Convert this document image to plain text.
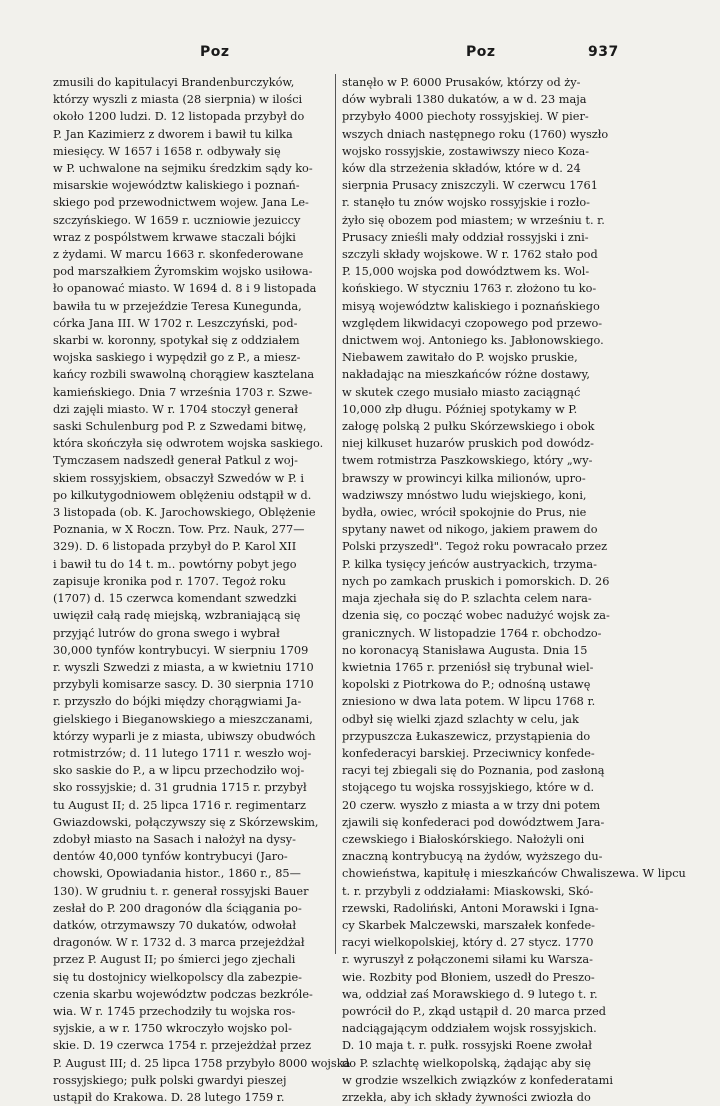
Poz	Poz	937
zmusili do kapitulacyi Brandenburczyków,
którzy wyszli z miasta (28 sierpnia) w ilości
około 1200 ludzi. D. 12 listopada przybył do
P. Jan Kazimierz z dworem i bawił tu kilka
miesięcy. W 1657 i 1658 r. odbywały się
w P. uchwalone na sejmiku średzkim sądy ko-
misarskie województw kaliskiego i poznań-
skiego pod przewodnictwem wojew. Jana Le-
szczyńskiego. W 1659 r. uczniowie jezuiccy
wraz z pospólstwem krwawe staczali bójki
z żydami. W marcu 1663 r. skonfederowane
pod marszałkiem Żyromskim wojsko usiłowa-
ło opanować miasto. W 1694 d. 8 i 9 listopada
bawiła tu w przejeździe Teresa Kunegunda,
córka Jana III. W 1702 r. Leszczyński, pod-
skarbi w. koronny, spotykał się z oddziałem
wojska saskiego i wypędził go z P., a miesz-
kańcy rozbili swawolną chorągiew kasztelana
kamieńskiego. Dnia 7 września 1703 r. Szwe-
dzi zajęli miasto. W r. 1704 stoczył generał
saski Schulenburg pod P. z Szwedami bitwę,
która skończyła się odwrotem wojska saskiego.
Tymczasem nadszedł generał Patkul z woj-
skiem rossyjskiem, obsaczył Szwedów w P. i
po kilkutygodniowem oblężeniu odstąpił w d.
3 listopada (ob. K. Jarochowskiego, Oblężenie
Poznania, w X Roczn. Tow. Prz. Nauk, 277—
329). D. 6 listopada przybył do P. Karol XII
i bawił tu do 14 t. m.. powtórny pobyt jego
zapisuje kronika pod r. 1707. Tegoż roku
(1707) d. 15 czerwca komendant szwedzki
uwięził całą radę miejską, wzbraniającą się
przyjąć lutrów do grona swego i wybrał
30,000 tynfów kontrybucyi. W sierpniu 1709
r. wyszli Szwedzi z miasta, a w kwietniu 1710
przybyli komisarze sascy. D. 30 sierpnia 1710
r. przyszło do bójki między chorągwiami Ja-
gielskiego i Bieganowskiego a mieszczanami,
którzy wyparli je z miasta, ubiwszy obudwóch
rotmistrzów; d. 11 lutego 1711 r. weszło woj-
sko saskie do P., a w lipcu przechodziło woj-
sko rossyjskie; d. 31 grudnia 1715 r. przybył
tu August II; d. 25 lipca 1716 r. regimentarz
Gwiazdowski, połączywszy się z Skórzewskim,
zdobył miasto na Sasach i nałożył na dysy-
dentów 40,000 tynfów kontrybucyi (Jaro-
chowski, Opowiadania histor., 1860 r., 85—
130). W grudniu t. r. generał rossyjski Bauer
zesłał do P. 200 dragonów dla ściągania po-
datków, otrzymawszy 70 dukatów, odwołał
dragonów. W r. 1732 d. 3 marca przejeżdżał
przez P. August II; po śmierci jego zjechali
się tu dostojnicy wielkopolscy dla zabezpie-
czenia skarbu województw podczas bezkróle-
wia. W r. 1745 przechodziły tu wojska ros-
syjskie, a w r. 1750 wkroczyło wojsko pol-
skie. D. 19 czerwca 1754 r. przejeżdżał przez
P. August III; d. 25 lipca 1758 przybyło 8000 wojska
rossyjskiego; pułk polski gwardyi pieszej
ustąpił do Krakowa. D. 28 lutego 1759 r.
stanęło w P. 6000 Prusaków, którzy od ży-
dów wybrali 1380 dukatów, a w d. 23 maja
przybyło 4000 piechoty rossyjskiej. W pier-
wszych dniach następnego roku (1760) wyszło
wojsko rossyjskie, zostawiwszy nieco Koza-
ków dla strzeżenia składów, które w d. 24
sierpnia Prusacy zniszczyli. W czerwcu 1761
r. stanęło tu znów wojsko rossyjskie i rozło-
żyło się obozem pod miastem; w wrześniu t. r.
Prusacy znieśli mały oddział rossyjski i zni-
szczyli składy wojskowe. W r. 1762 stało pod
P. 15,000 wojska pod dowództwem ks. Wol-
końskiego. W styczniu 1763 r. złożono tu ko-
misyą województw kaliskiego i poznańskiego
względem likwidacyi czopowego pod przewo-
dnictwem woj. Antoniego ks. Jabłonowskiego.
Niebawem zawitało do P. wojsko pruskie,
nakładając na mieszkańców różne dostawy,
w skutek czego musiało miasto zaciągnąć
10,000 złp długu. Później spotykamy w P.
załogę polską 2 pułku Skórzewskiego i obok
niej kilkuset huzarów pruskich pod dowódz-
twem rotmistrza Paszkowskiego, który „wy-
brawszy w prowincyi kilka milionów, upro-
wadziwszy mnóstwo ludu wiejskiego, koni,
bydła, owiec, wrócił spokojnie do Prus, nie
spytany nawet od nikogo, jakiem prawem do
Polski przyszedł". Tegoż roku powracało przez
P. kilka tysięcy jeńców austryackich, trzyma-
nych po zamkach pruskich i pomorskich. D. 26
maja zjechała się do P. szlachta celem nara-
dzenia się, co począć wobec nadużyć wojsk za-
granicznych. W listopadzie 1764 r. obchodzo-
no koronacyą Stanisława Augusta. Dnia 15
kwietnia 1765 r. przeniósł się trybunał wiel-
kopolski z Piotrkowa do P.; odnośną ustawę
zniesiono w dwa lata potem. W lipcu 1768 r.
odbył się wielki zjazd szlachty w celu, jak
przypuszcza Łukaszewicz, przystąpienia do
konfederacyi barskiej. Przeciwnicy konfede-
racyi tej zbiegali się do Poznania, pod zasłoną
stojącego tu wojska rossyjskiego, które w d.
20 czerw. wyszło z miasta a w trzy dni potem
zjawili się konfederaci pod dowództwem Jara-
czewskiego i Białoskórskiego. Nałożyli oni
znaczną kontrybucyą na żydów, wyższego du-
chowieństwa, kapitułę i mieszkańców Chwaliszewa. W lipcu
t. r. przybyli z oddziałami: Miaskowski, Skó-
rzewski, Radoliński, Antoni Morawski i Igna-
cy Skarbek Malczewski, marszałek konfede-
racyi wielkopolskiej, który d. 27 stycz. 1770
r. wyruszył z połączonemi siłami ku Warsza-
wie. Rozbity pod Błoniem, uszedł do Preszo-
wa, oddział zaś Morawskiego d. 9 lutego t. r.
powrócił do P., zkąd ustąpił d. 20 marca przed
nadciągającym oddziałem wojsk rossyjskich.
D. 10 maja t. r. pułk. rossyjski Roene zwołał
do P. szlachtę wielkopolską, żądając aby się
w grodzie wszelkich związków z konfederatami
zrzekła, aby ich składy żywności zwiozła do
